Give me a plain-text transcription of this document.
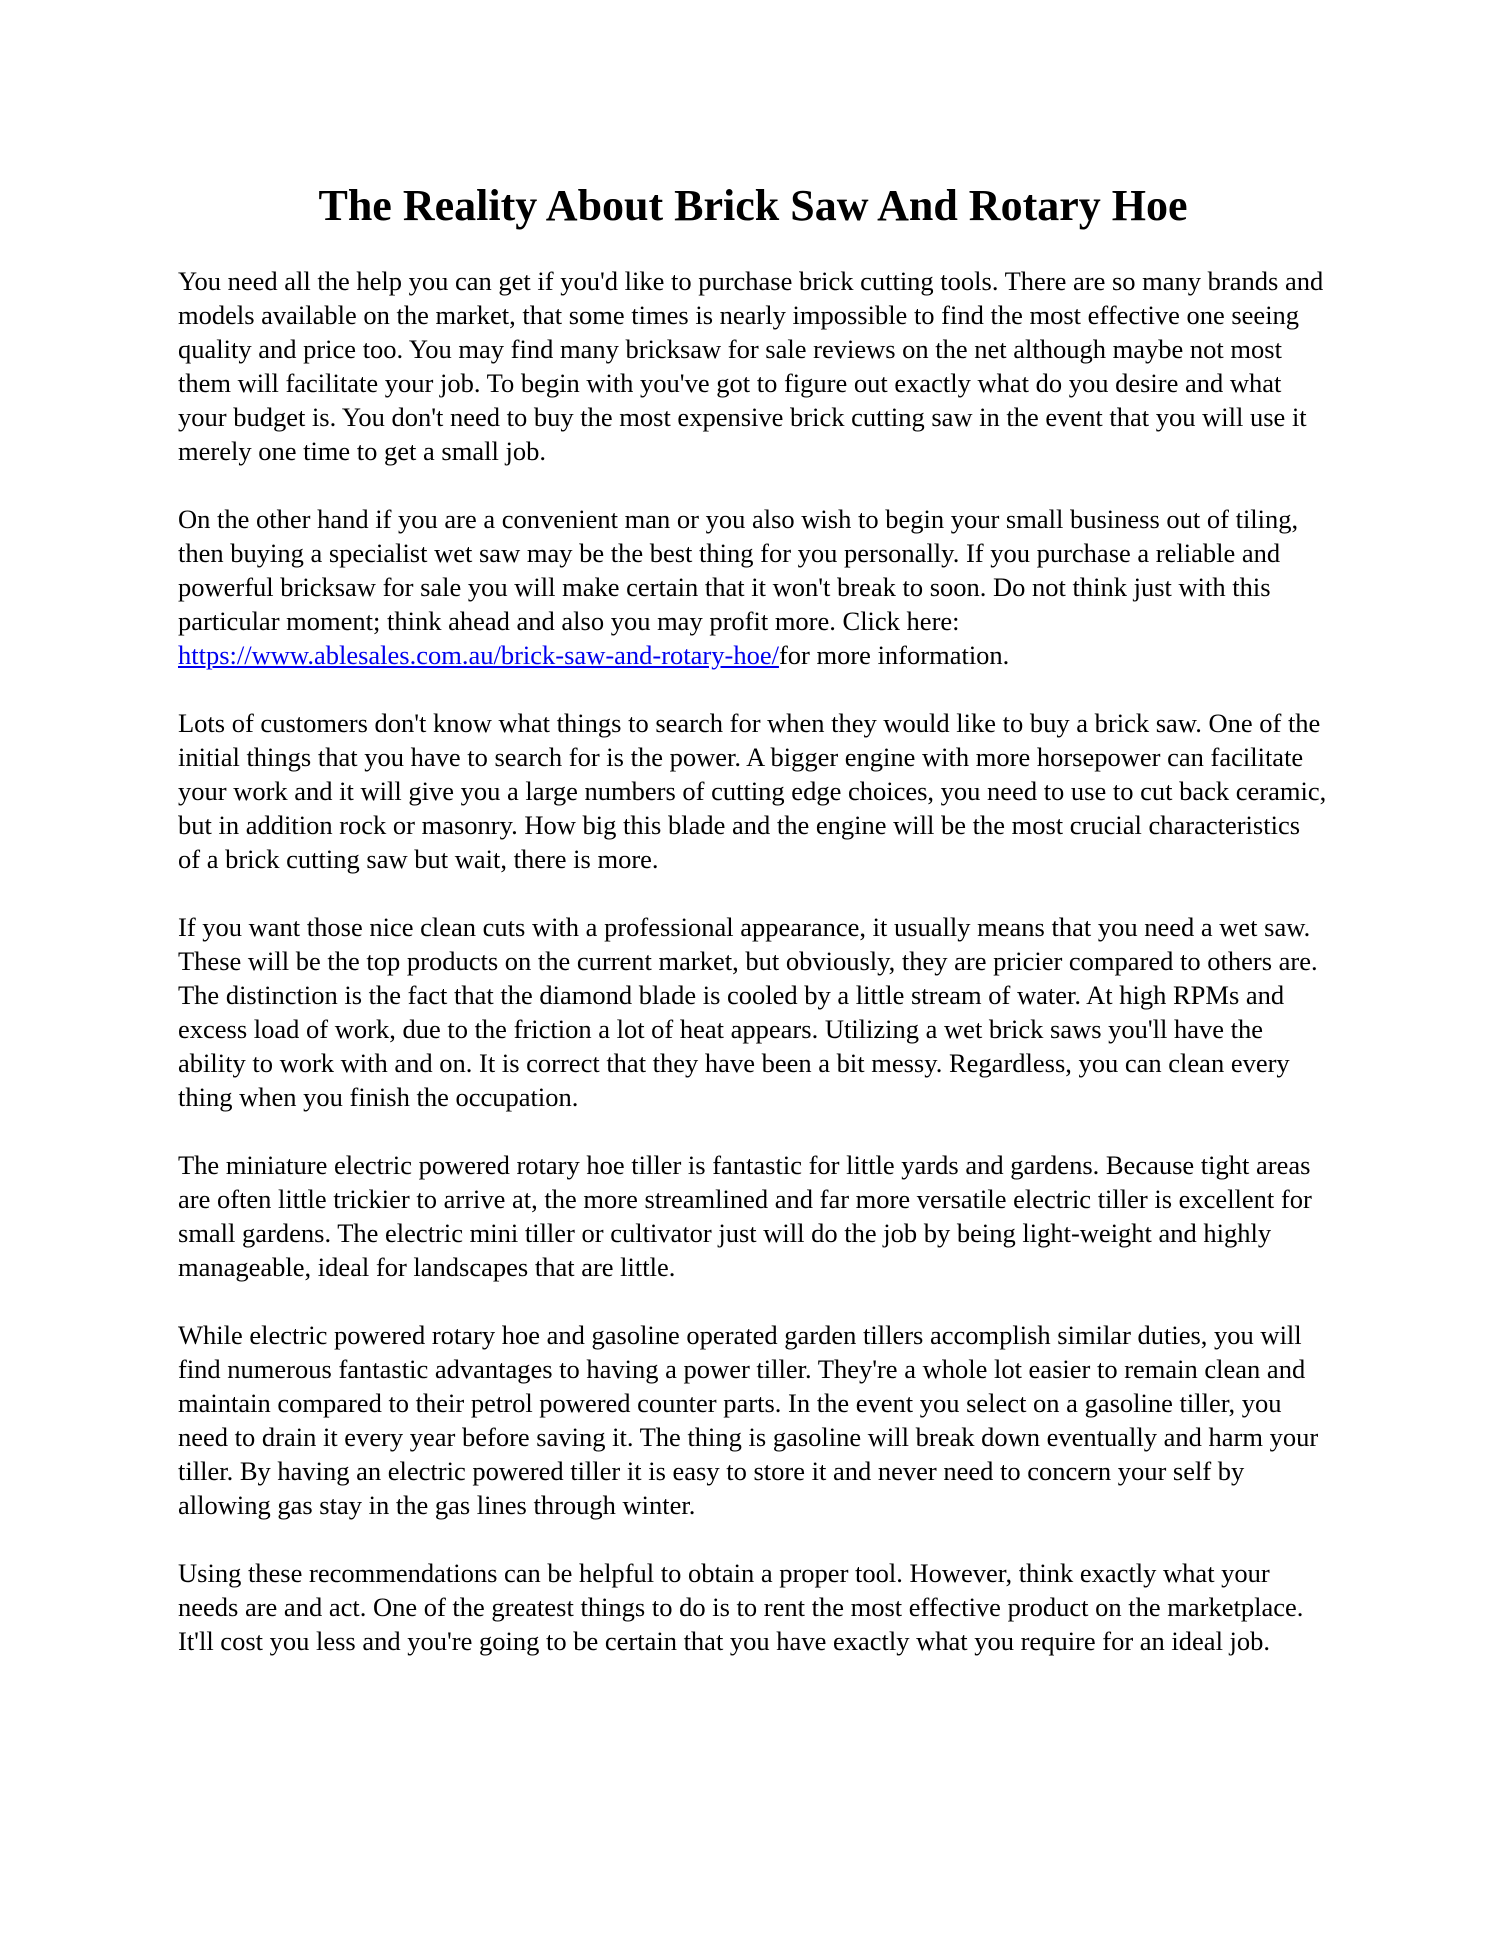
The Reality About Brick Saw And Rotary Hoe

You need all the help you can get if you'd like to purchase brick cutting tools. There are so many brands and models available on the market, that some times is nearly impossible to find the most effective one seeing quality and price too. You may find many bricksaw for sale reviews on the net although maybe not most them will facilitate your job. To begin with you've got to figure out exactly what do you desire and what your budget is. You don't need to buy the most expensive brick cutting saw in the event that you will use it merely one time to get a small job.

On the other hand if you are a convenient man or you also wish to begin your small business out of tiling, then buying a specialist wet saw may be the best thing for you personally. If you purchase a reliable and powerful bricksaw for sale you will make certain that it won't break to soon. Do not think just with this particular moment; think ahead and also you may profit more. Click here: https://www.ablesales.com.au/brick-saw-and-rotary-hoe/for more information.

Lots of customers don't know what things to search for when they would like to buy a brick saw. One of the initial things that you have to search for is the power. A bigger engine with more horsepower can facilitate your work and it will give you a large numbers of cutting edge choices, you need to use to cut back ceramic, but in addition rock or masonry. How big this blade and the engine will be the most crucial characteristics of a brick cutting saw but wait, there is more.

If you want those nice clean cuts with a professional appearance, it usually means that you need a wet saw. These will be the top products on the current market, but obviously, they are pricier compared to others are. The distinction is the fact that the diamond blade is cooled by a little stream of water. At high RPMs and excess load of work, due to the friction a lot of heat appears. Utilizing a wet brick saws you'll have the ability to work with and on. It is correct that they have been a bit messy. Regardless, you can clean every thing when you finish the occupation.

The miniature electric powered rotary hoe tiller is fantastic for little yards and gardens. Because tight areas are often little trickier to arrive at, the more streamlined and far more versatile electric tiller is excellent for small gardens. The electric mini tiller or cultivator just will do the job by being light-weight and highly manageable, ideal for landscapes that are little.

While electric powered rotary hoe and gasoline operated garden tillers accomplish similar duties, you will find numerous fantastic advantages to having a power tiller. They're a whole lot easier to remain clean and maintain compared to their petrol powered counter parts. In the event you select on a gasoline tiller, you need to drain it every year before saving it. The thing is gasoline will break down eventually and harm your tiller. By having an electric powered tiller it is easy to store it and never need to concern your self by allowing gas stay in the gas lines through winter.

Using these recommendations can be helpful to obtain a proper tool. However, think exactly what your needs are and act. One of the greatest things to do is to rent the most effective product on the marketplace. It'll cost you less and you're going to be certain that you have exactly what you require for an ideal job.
